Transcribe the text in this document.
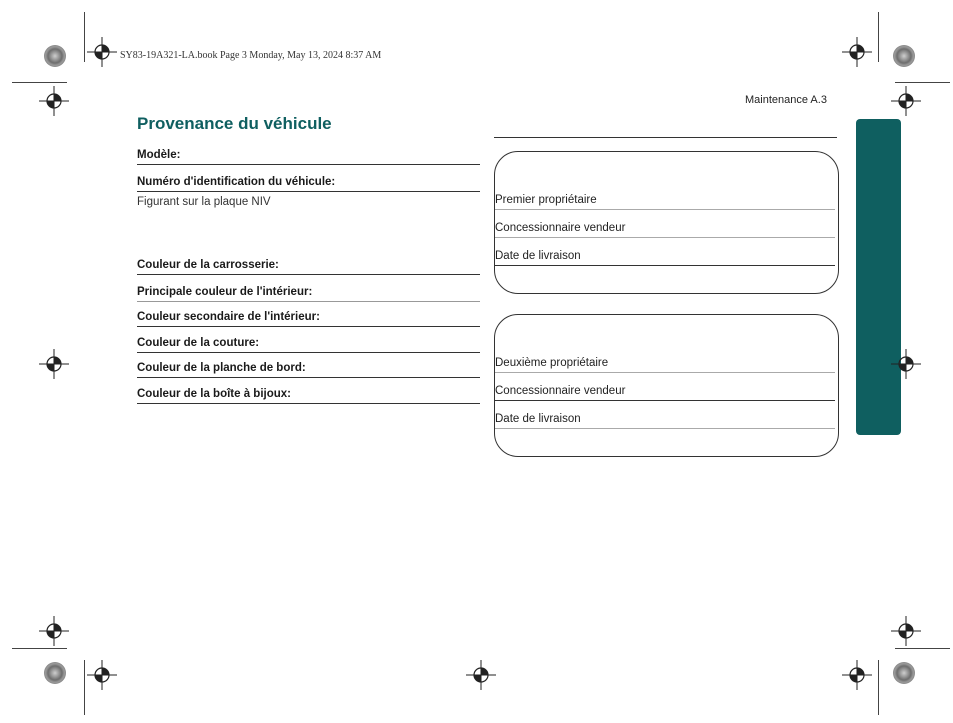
SY83-19A321-LA.book Page 3 Monday, May 13, 2024 8:37 AM
Maintenance A.3
Provenance du véhicule
Modèle:
Numéro d'identification du véhicule:
Figurant sur la plaque NIV
Couleur de la carrosserie:
Principale couleur de l'intérieur:
Couleur secondaire de l'intérieur:
Couleur de la couture:
Couleur de la planche de bord:
Couleur de la boîte à bijoux:
Premier propriétaire
Concessionnaire vendeur
Date de livraison
Deuxième propriétaire
Concessionnaire vendeur
Date de livraison
